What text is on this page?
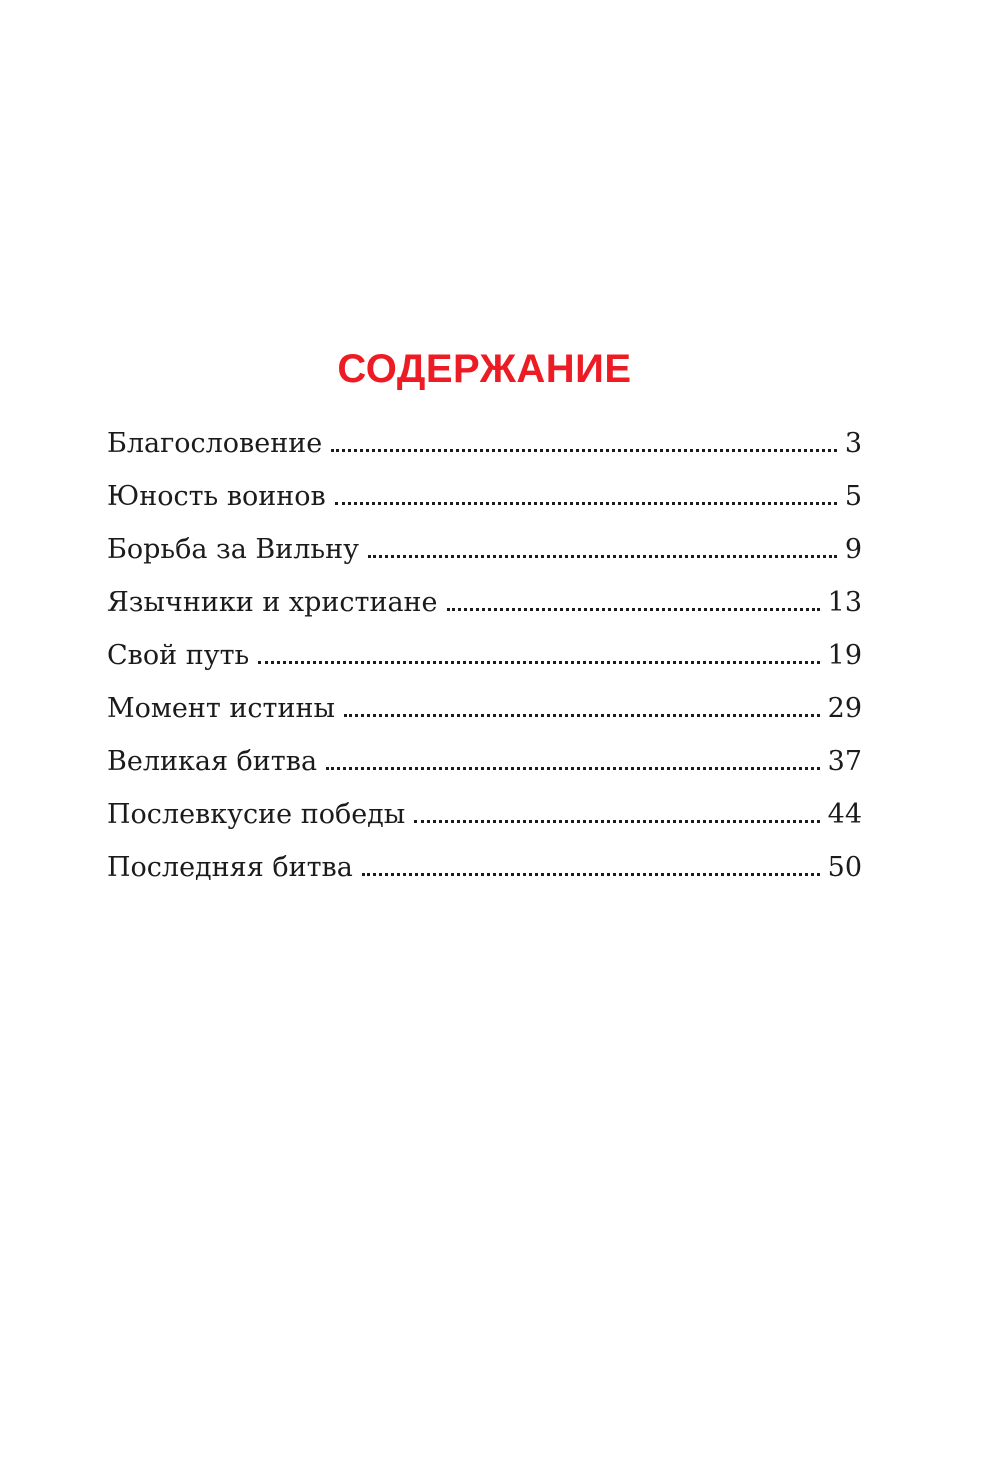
СОДЕРЖАНИЕ
Благословение	3
Юность воинов	5
Борьба за Вильну	9
Язычники и христиане	13
Свой путь	19
Момент истины	29
Великая битва	37
Послевкусие победы	44
Последняя битва	50
